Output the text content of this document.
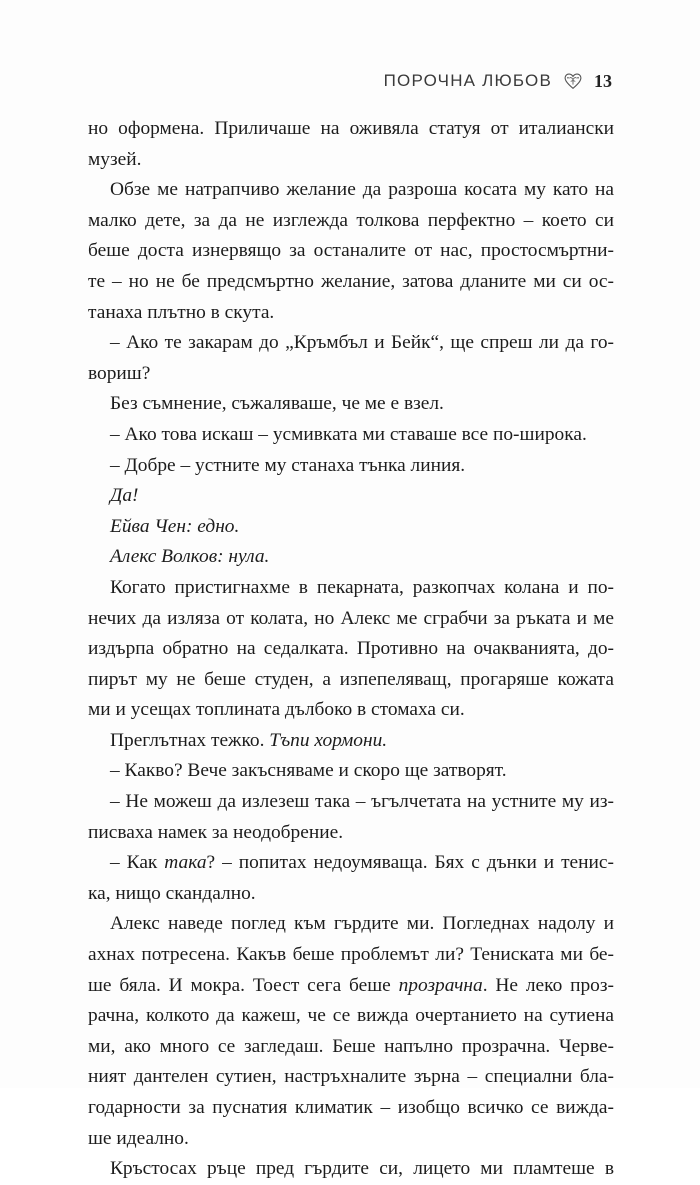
ПОРОЧНА ЛЮБОВ 13
но оформена. Приличаше на оживяла статуя от италиански
музей.
Обзе ме натрапчиво желание да разроша косата му като на
малко дете, за да не изглежда толкова перфектно – което си
беше доста изнервящо за останалите от нас, простосмъртни-
те – но не бе предсмъртно желание, затова дланите ми си ос-
танаха плътно в скута.
– Ако те закарам до „Кръмбъл и Бейк“, ще спреш ли да го-
вориш?
Без съмнение, съжаляваше, че ме е взел.
– Ако това искаш – усмивката ми ставаше все по-широка.
– Добре – устните му станаха тънка линия.
Да!
Ейва Чен: едно.
Алекс Волков: нула.
Когато пристигнахме в пекарната, разкопчах колана и по-
нечих да изляза от колата, но Алекс ме сграбчи за ръката и ме
издърпа обратно на седалката. Противно на очакванията, до-
пирът му не беше студен, а изпепеляващ, прогаряше кожата
ми и усещах топлината дълбоко в стомаха си.
Преглътнах тежко. Тъпи хормони.
– Какво? Вече закъсняваме и скоро ще затворят.
– Не можеш да излезеш така – ъгълчетата на устните му из-
писваха намек за неодобрение.
– Как така? – попитах недоумяваща. Бях с дънки и тенис-
ка, нищо скандално.
Алекс наведе поглед към гърдите ми. Погледнах надолу и
ахнах потресена. Какъв беше проблемът ли? Тениската ми бе-
ше бяла. И мокра. Тоест сега беше прозрачна. Не леко проз-
рачна, колкото да кажеш, че се вижда очертанието на сутиена
ми, ако много се загледаш. Беше напълно прозрачна. Черве-
ният дантелен сутиен, настръхналите зърна – специални бла-
годарности за пуснатия климатик – изобщо всичко се вижда-
ше идеално.
Кръстосах ръце пред гърдите си, лицето ми пламтеше в
